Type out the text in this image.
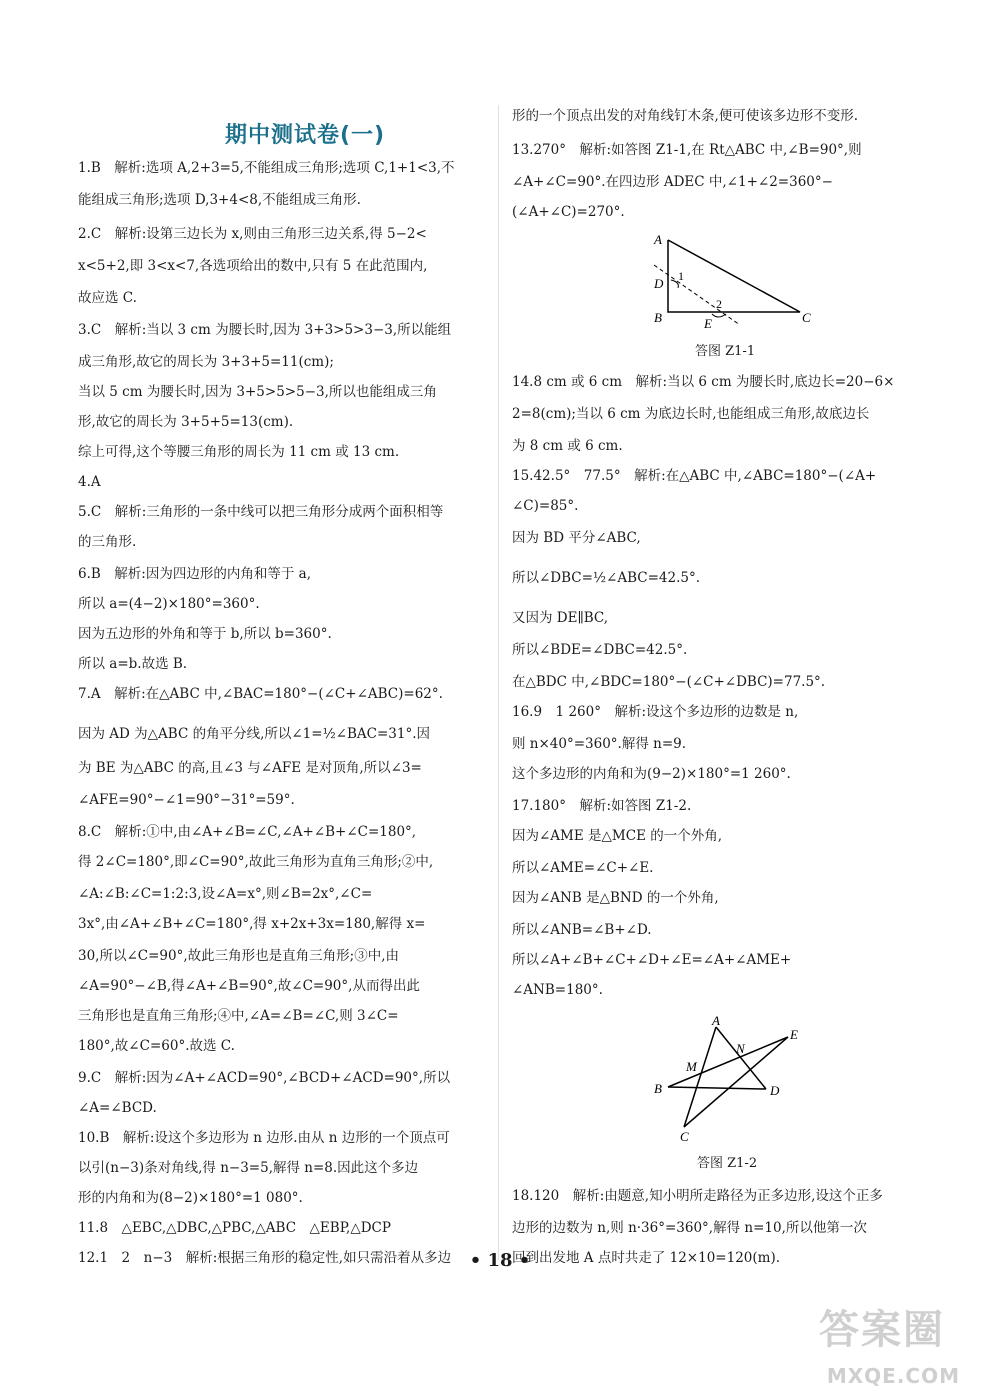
期中测试卷(一)
1.B　解析:选项 A,2+3=5,不能组成三角形;选项 C,1+1<3,不
能组成三角形;选项 D,3+4<8,不能组成三角形.
2.C　解析:设第三边长为 x,则由三角形三边关系,得 5−2<
x<5+2,即 3<x<7,各选项给出的数中,只有 5 在此范围内,
故应选 C.
3.C　解析:当以 3 cm 为腰长时,因为 3+3>5>3−3,所以能组
成三角形,故它的周长为 3+3+5=11(cm);
当以 5 cm 为腰长时,因为 3+5>5>5−3,所以也能组成三角
形,故它的周长为 3+5+5=13(cm).
综上可得,这个等腰三角形的周长为 11 cm 或 13 cm.
4.A
5.C　解析:三角形的一条中线可以把三角形分成两个面积相等
的三角形.
6.B　解析:因为四边形的内角和等于 a,
所以 a=(4−2)×180°=360°.
因为五边形的外角和等于 b,所以 b=360°.
所以 a=b.故选 B.
7.A　解析:在△ABC 中,∠BAC=180°−(∠C+∠ABC)=62°.
因为 AD 为△ABC 的角平分线,所以∠1=½∠BAC=31°.因
为 BE 为△ABC 的高,且∠3 与∠AFE 是对顶角,所以∠3=
∠AFE=90°−∠1=90°−31°=59°.
8.C　解析:①中,由∠A+∠B=∠C,∠A+∠B+∠C=180°,
得 2∠C=180°,即∠C=90°,故此三角形为直角三角形;②中,
∠A:∠B:∠C=1:2:3,设∠A=x°,则∠B=2x°,∠C=
3x°,由∠A+∠B+∠C=180°,得 x+2x+3x=180,解得 x=
30,所以∠C=90°,故此三角形也是直角三角形;③中,由
∠A=90°−∠B,得∠A+∠B=90°,故∠C=90°,从而得出此
三角形也是直角三角形;④中,∠A=∠B=∠C,则 3∠C=
180°,故∠C=60°.故选 C.
9.C　解析:因为∠A+∠ACD=90°,∠BCD+∠ACD=90°,所以
∠A=∠BCD.
10.B　解析:设这个多边形为 n 边形.由从 n 边形的一个顶点可
以引(n−3)条对角线,得 n−3=5,解得 n=8.因此这个多边
形的内角和为(8−2)×180°=1 080°.
11.8　△EBC,△DBC,△PBC,△ABC　△EBP,△DCP
12.1　2　n−3　解析:根据三角形的稳定性,如只需沿着从多边
形的一个顶点出发的对角线钉木条,便可使该多边形不变形.
13.270°　解析:如答图 Z1-1,在 Rt△ABC 中,∠B=90°,则
∠A+∠C=90°.在四边形 ADEC 中,∠1+∠2=360°−
(∠A+∠C)=270°.
14.8 cm 或 6 cm　解析:当以 6 cm 为腰长时,底边长=20−6×
2=8(cm);当以 6 cm 为底边长时,也能组成三角形,故底边长
为 8 cm 或 6 cm.
15.42.5°　77.5°　解析:在△ABC 中,∠ABC=180°−(∠A+
∠C)=85°.
因为 BD 平分∠ABC,
所以∠DBC=½∠ABC=42.5°.
又因为 DE∥BC,
所以∠BDE=∠DBC=42.5°.
在△BDC 中,∠BDC=180°−(∠C+∠DBC)=77.5°.
16.9　1 260°　解析:设这个多边形的边数是 n,
则 n×40°=360°.解得 n=9.
这个多边形的内角和为(9−2)×180°=1 260°.
17.180°　解析:如答图 Z1-2.
因为∠AME 是△MCE 的一个外角,
所以∠AME=∠C+∠E.
因为∠ANB 是△BND 的一个外角,
所以∠ANB=∠B+∠D.
所以∠A+∠B+∠C+∠D+∠E=∠A+∠AME+
∠ANB=180°.
18.120　解析:由题意,知小明所走路径为正多边形,设这个正多
边形的边数为 n,则 n·36°=360°,解得 n=10,所以他第一次
回到出发地 A 点时共走了 12×10=120(m).
A
D
B	E	C
1
2
答图 Z1-1
A
E
N
M
B	D
C
答图 Z1-2
• 18 •
答案圈
MXQE.COM
